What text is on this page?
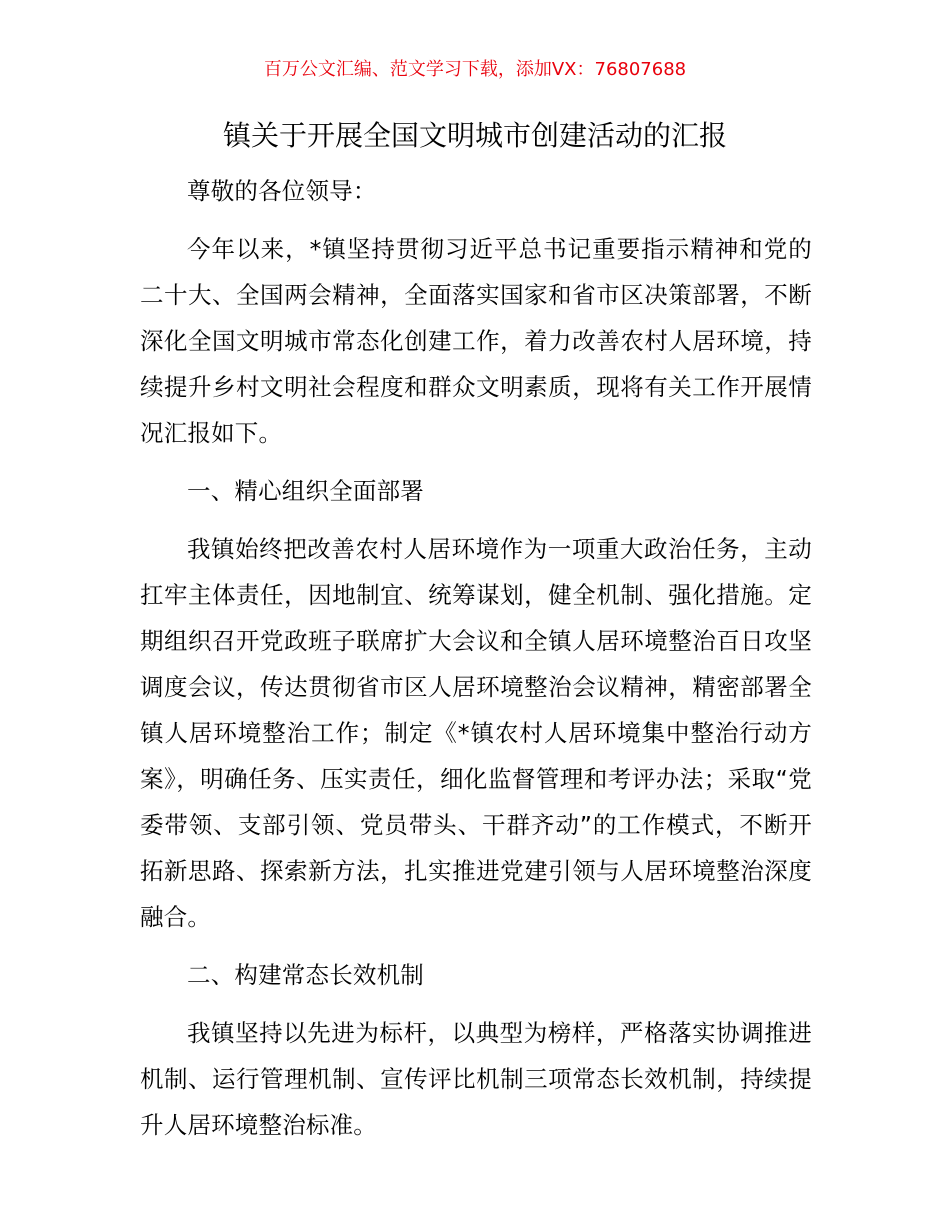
百万公文汇编、范文学习下载，添加VX：76807688
镇关于开展全国文明城市创建活动的汇报

尊敬的各位领导：

今年以来，*镇坚持贯彻习近平总书记重要指示精神和党的二十大、全国两会精神，全面落实国家和省市区决策部署，不断深化全国文明城市常态化创建工作，着力改善农村人居环境，持续提升乡村文明社会程度和群众文明素质，现将有关工作开展情况汇报如下。

一、精心组织全面部署

我镇始终把改善农村人居环境作为一项重大政治任务，主动扛牢主体责任，因地制宜、统筹谋划，健全机制、强化措施。定期组织召开党政班子联席扩大会议和全镇人居环境整治百日攻坚调度会议，传达贯彻省市区人居环境整治会议精神，精密部署全镇人居环境整治工作；制定《*镇农村人居环境集中整治行动方案》，明确任务、压实责任，细化监督管理和考评办法；采取“党委带领、支部引领、党员带头、干群齐动”的工作模式，不断开拓新思路、探索新方法，扎实推进党建引领与人居环境整治深度融合。

二、构建常态长效机制

我镇坚持以先进为标杆，以典型为榜样，严格落实协调推进机制、运行管理机制、宣传评比机制三项常态长效机制，持续提升人居环境整治标准。
